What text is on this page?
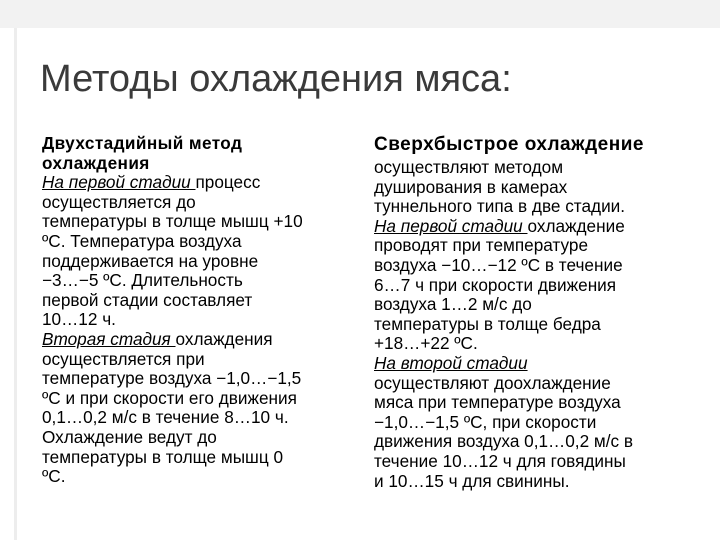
Методы охлаждения мяса:
Двухстадийный метод
охлаждения
На первой стадии процесс
осуществляется до
температуры в толще мышц +10
ºС. Температура воздуха
поддерживается на уровне
−3…−5 ºС. Длительность
первой стадии составляет
10…12 ч.
Вторая стадия охлаждения
осуществляется при
температуре воздуха −1,0…−1,5
ºС и при скорости его движения
0,1…0,2 м/с в течение 8…10 ч.
Охлаждение ведут до
температуры в толще мышц 0
ºС.
Сверхбыстрое охлаждение
осуществляют методом
душирования в камерах
туннельного типа в две стадии.
На первой стадии охлаждение
проводят при температуре
воздуха −10…−12 ºС в течение
6…7 ч при скорости движения
воздуха 1…2 м/с до
температуры в толще бедра
+18…+22 ºС.
На второй стадии
осуществляют доохлаждение
мяса при температуре воздуха
−1,0…−1,5 ºС, при скорости
движения воздуха 0,1…0,2 м/с в
течение 10…12 ч для говядины
и 10…15 ч для свинины.
